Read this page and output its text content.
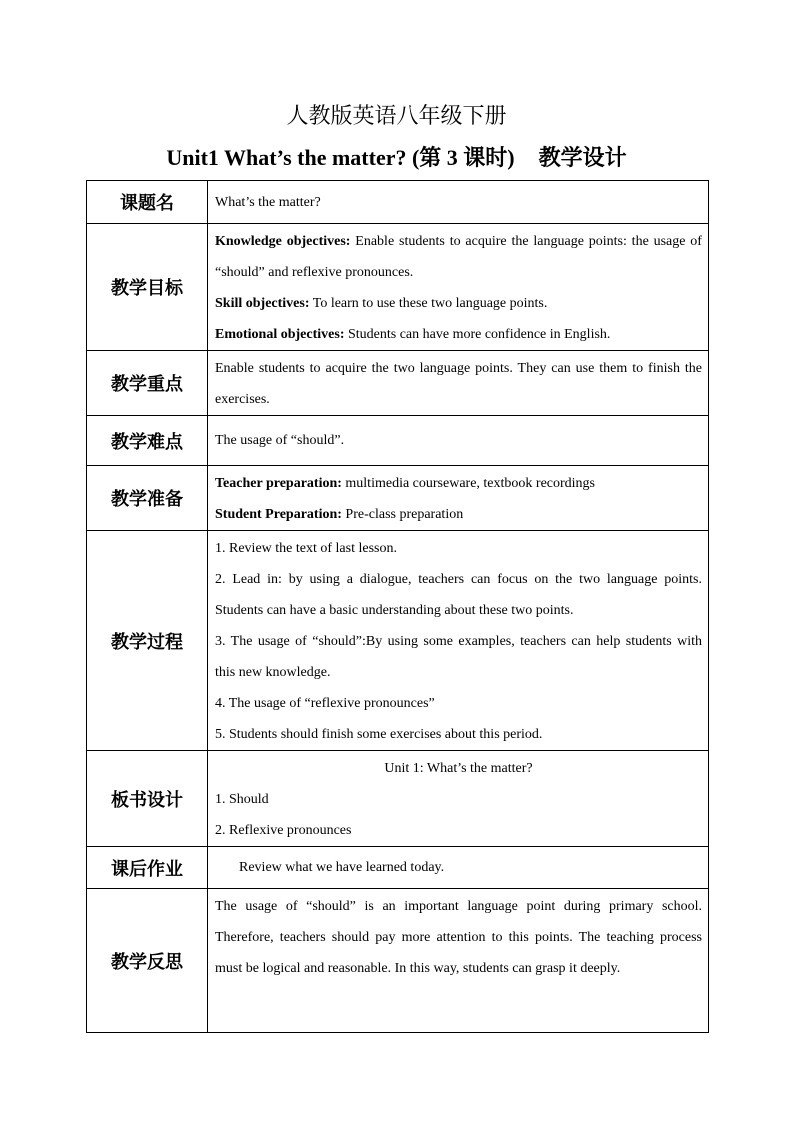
人教版英语八年级下册
Unit1 What’s the matter? (第 3 课时) 教学设计
课题名	What’s the matter?
教学目标	Knowledge objectives: Enable students to acquire the language points: the usage of “should” and reflexive pronounces.

Skill objectives: To learn to use these two language points.

Emotional objectives: Students can have more confidence in English.

教学重点	Enable students to acquire the two language points. They can use them to finish the exercises.
教学难点	The usage of “should”.
教学准备	Teacher preparation: multimedia courseware, textbook recordings

Student Preparation: Pre-class preparation

教学过程	1. Review the text of last lesson.

2. Lead in: by using a dialogue, teachers can focus on the two language points. Students can have a basic understanding about these two points.

3. The usage of “should”:By using some examples, teachers can help students with this new knowledge.

4. The usage of “reflexive pronounces”

5. Students should finish some exercises about this period.

板书设计	Unit 1: What’s the matter?

1. Should

2. Reflexive pronounces

课后作业	Review what we have learned today.

教学反思	The usage of “should” is an important language point during primary school. Therefore, teachers should pay more attention to this points. The teaching process must be logical and reasonable. In this way, students can grasp it deeply.
